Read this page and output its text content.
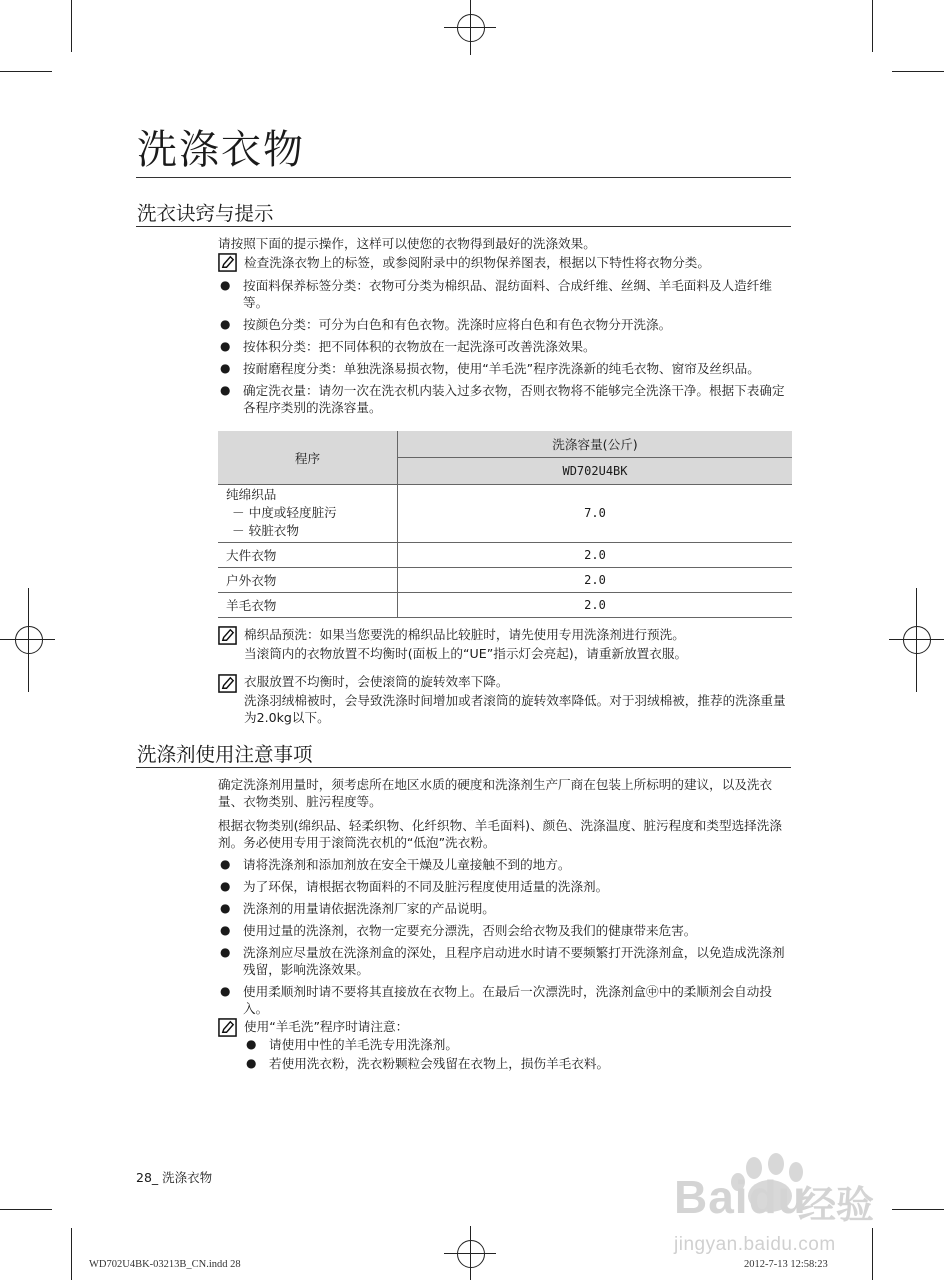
洗涤衣物
洗衣诀窍与提示
请按照下面的提示操作，这样可以使您的衣物得到最好的洗涤效果。
检查洗涤衣物上的标签，或参阅附录中的织物保养图表，根据以下特性将衣物分类。
● 按面料保养标签分类：衣物可分类为棉织品、混纺面料、合成纤维、丝绸、羊毛面料及人造纤维等。
● 按颜色分类：可分为白色和有色衣物。洗涤时应将白色和有色衣物分开洗涤。
● 按体积分类：把不同体积的衣物放在一起洗涤可改善洗涤效果。
● 按耐磨程度分类：单独洗涤易损衣物，使用“羊毛洗”程序洗涤新的纯毛衣物、窗帘及丝织品。
● 确定洗衣量：请勿一次在洗衣机内装入过多衣物，否则衣物将不能够完全洗涤干净。根据下表确定各程序类别的洗涤容量。
程序	洗涤容量(公斤)
	WD702U4BK

纯绵织品
－ 中度或轻度脏污
－ 较脏衣物	7.0
大件衣物	2.0
户外衣物	2.0
羊毛衣物	2.0
棉织品预洗：如果当您要洗的棉织品比较脏时，请先使用专用洗涤剂进行预洗。
当滚筒内的衣物放置不均衡时(面板上的“UE”指示灯会亮起)，请重新放置衣服。
衣服放置不均衡时，会使滚筒的旋转效率下降。
洗涤羽绒棉被时，会导致洗涤时间增加或者滚筒的旋转效率降低。对于羽绒棉被，推荐的洗涤重量为2.0kg以下。
洗涤剂使用注意事项
确定洗涤剂用量时，须考虑所在地区水质的硬度和洗涤剂生产厂商在包装上所标明的建议，以及洗衣量、衣物类别、脏污程度等。
根据衣物类别(绵织品、轻柔织物、化纤织物、羊毛面料)、颜色、洗涤温度、脏污程度和类型选择洗涤剂。务必使用专用于滚筒洗衣机的“低泡”洗衣粉。
● 请将洗涤剂和添加剂放在安全干燥及儿童接触不到的地方。
● 为了环保，请根据衣物面料的不同及脏污程度使用适量的洗涤剂。
● 洗涤剂的用量请依据洗涤剂厂家的产品说明。
● 使用过量的洗涤剂，衣物一定要充分漂洗，否则会给衣物及我们的健康带来危害。
● 洗涤剂应尽量放在洗涤剂盒的深处，且程序启动进水时请不要频繁打开洗涤剂盒，以免造成洗涤剂残留，影响洗涤效果。
● 使用柔顺剂时请不要将其直接放在衣物上。在最后一次漂洗时，洗涤剂盒㊥中的柔顺剂会自动投入。
使用“羊毛洗”程序时请注意：
● 请使用中性的羊毛洗专用洗涤剂。
● 若使用洗衣粉，洗衣粉颗粒会残留在衣物上，损伤羊毛衣料。
28_ 洗涤衣物
WD702U4BK-03213B_CN.indd 28	2012-7-13 12:58:23
Baidu
经验
jingyan.baidu.com
